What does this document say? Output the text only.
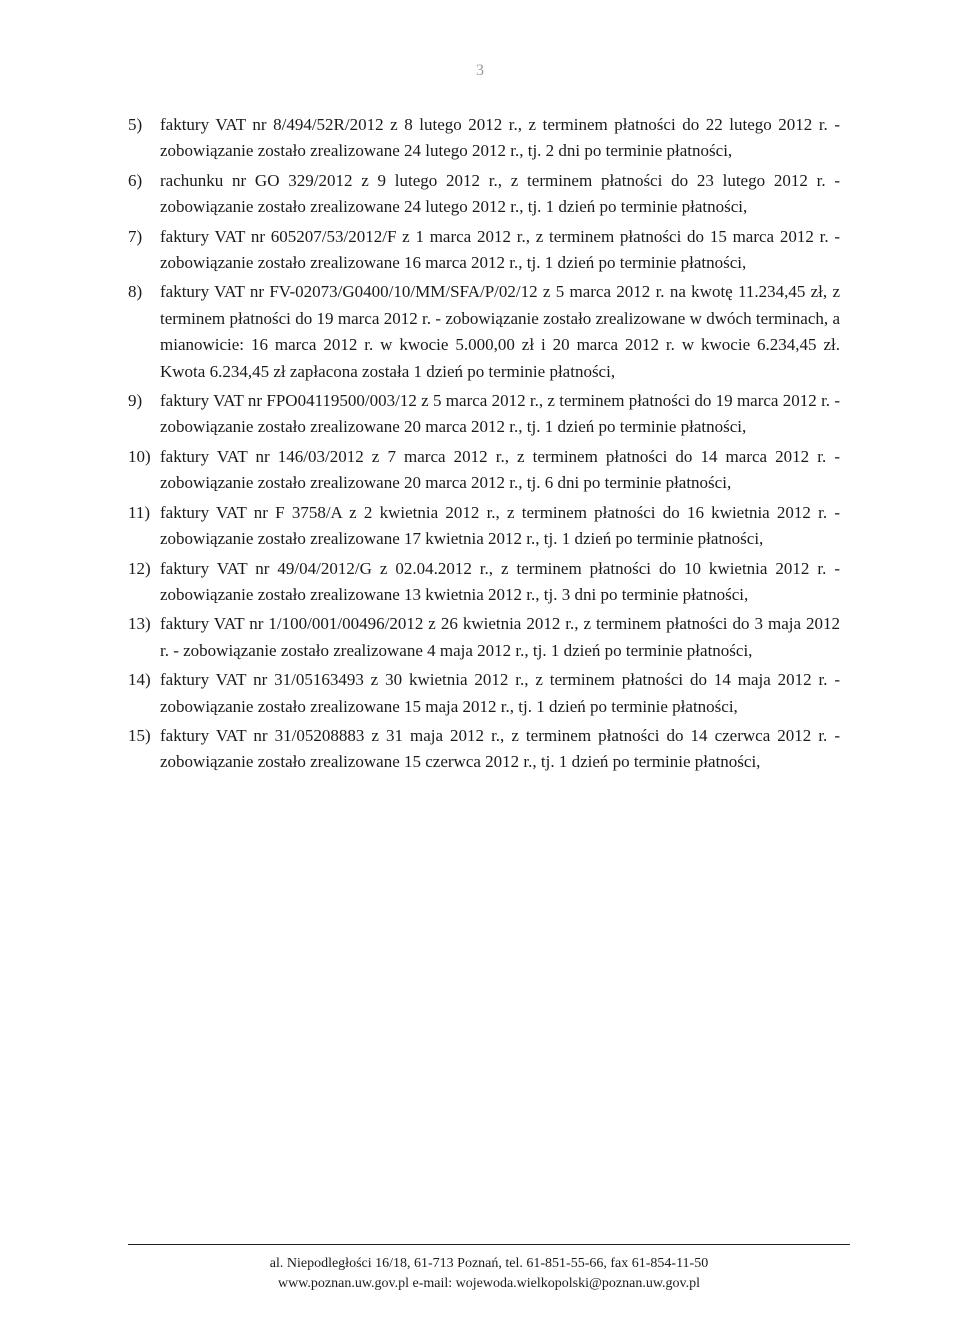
3

5) faktury VAT nr 8/494/52R/2012 z 8 lutego 2012 r., z terminem płatności do 22 lutego 2012 r. - zobowiązanie zostało zrealizowane 24 lutego 2012 r., tj. 2 dni po terminie płatności,

6) rachunku nr GO 329/2012 z 9 lutego 2012 r., z terminem płatności do 23 lutego 2012 r. - zobowiązanie zostało zrealizowane 24 lutego 2012 r., tj. 1 dzień po terminie płatności,

7) faktury VAT nr 605207/53/2012/F z 1 marca 2012 r., z terminem płatności do 15 marca 2012 r. - zobowiązanie zostało zrealizowane 16 marca 2012 r., tj. 1 dzień po terminie płatności,

8) faktury VAT nr FV-02073/G0400/10/MM/SFA/P/02/12 z 5 marca 2012 r. na kwotę 11.234,45 zł, z terminem płatności do 19 marca 2012 r. - zobowiązanie zostało zrealizowane w dwóch terminach, a mianowicie: 16 marca 2012 r. w kwocie 5.000,00 zł i 20 marca 2012 r. w kwocie 6.234,45 zł. Kwota 6.234,45 zł zapłacona została 1 dzień po terminie płatności,

9) faktury VAT nr FPO04119500/003/12 z 5 marca 2012 r., z terminem płatności do 19 marca 2012 r. - zobowiązanie zostało zrealizowane 20 marca 2012 r., tj. 1 dzień po terminie płatności,

10) faktury VAT nr 146/03/2012 z 7 marca 2012 r., z terminem płatności do 14 marca 2012 r. - zobowiązanie zostało zrealizowane 20 marca 2012 r., tj. 6 dni po terminie płatności,

11) faktury VAT nr F 3758/A z 2 kwietnia 2012 r., z terminem płatności do 16 kwietnia 2012 r. - zobowiązanie zostało zrealizowane 17 kwietnia 2012 r., tj. 1 dzień po terminie płatności,

12) faktury VAT nr 49/04/2012/G z 02.04.2012 r., z terminem płatności do 10 kwietnia 2012 r. - zobowiązanie zostało zrealizowane 13 kwietnia 2012 r., tj. 3 dni po terminie płatności,

13) faktury VAT nr 1/100/001/00496/2012 z 26 kwietnia 2012 r., z terminem płatności do 3 maja 2012 r. - zobowiązanie zostało zrealizowane 4 maja 2012 r., tj. 1 dzień po terminie płatności,

14) faktury VAT nr 31/05163493 z 30 kwietnia 2012 r., z terminem płatności do 14 maja 2012 r. - zobowiązanie zostało zrealizowane 15 maja 2012 r., tj. 1 dzień po terminie płatności,

15) faktury VAT nr 31/05208883 z 31 maja 2012 r., z terminem płatności do 14 czerwca 2012 r. - zobowiązanie zostało zrealizowane 15 czerwca 2012 r., tj. 1 dzień po terminie płatności,

al. Niepodległości 16/18, 61-713 Poznań, tel. 61-851-55-66, fax 61-854-11-50
www.poznan.uw.gov.pl e-mail: wojewoda.wielkopolski@poznan.uw.gov.pl
